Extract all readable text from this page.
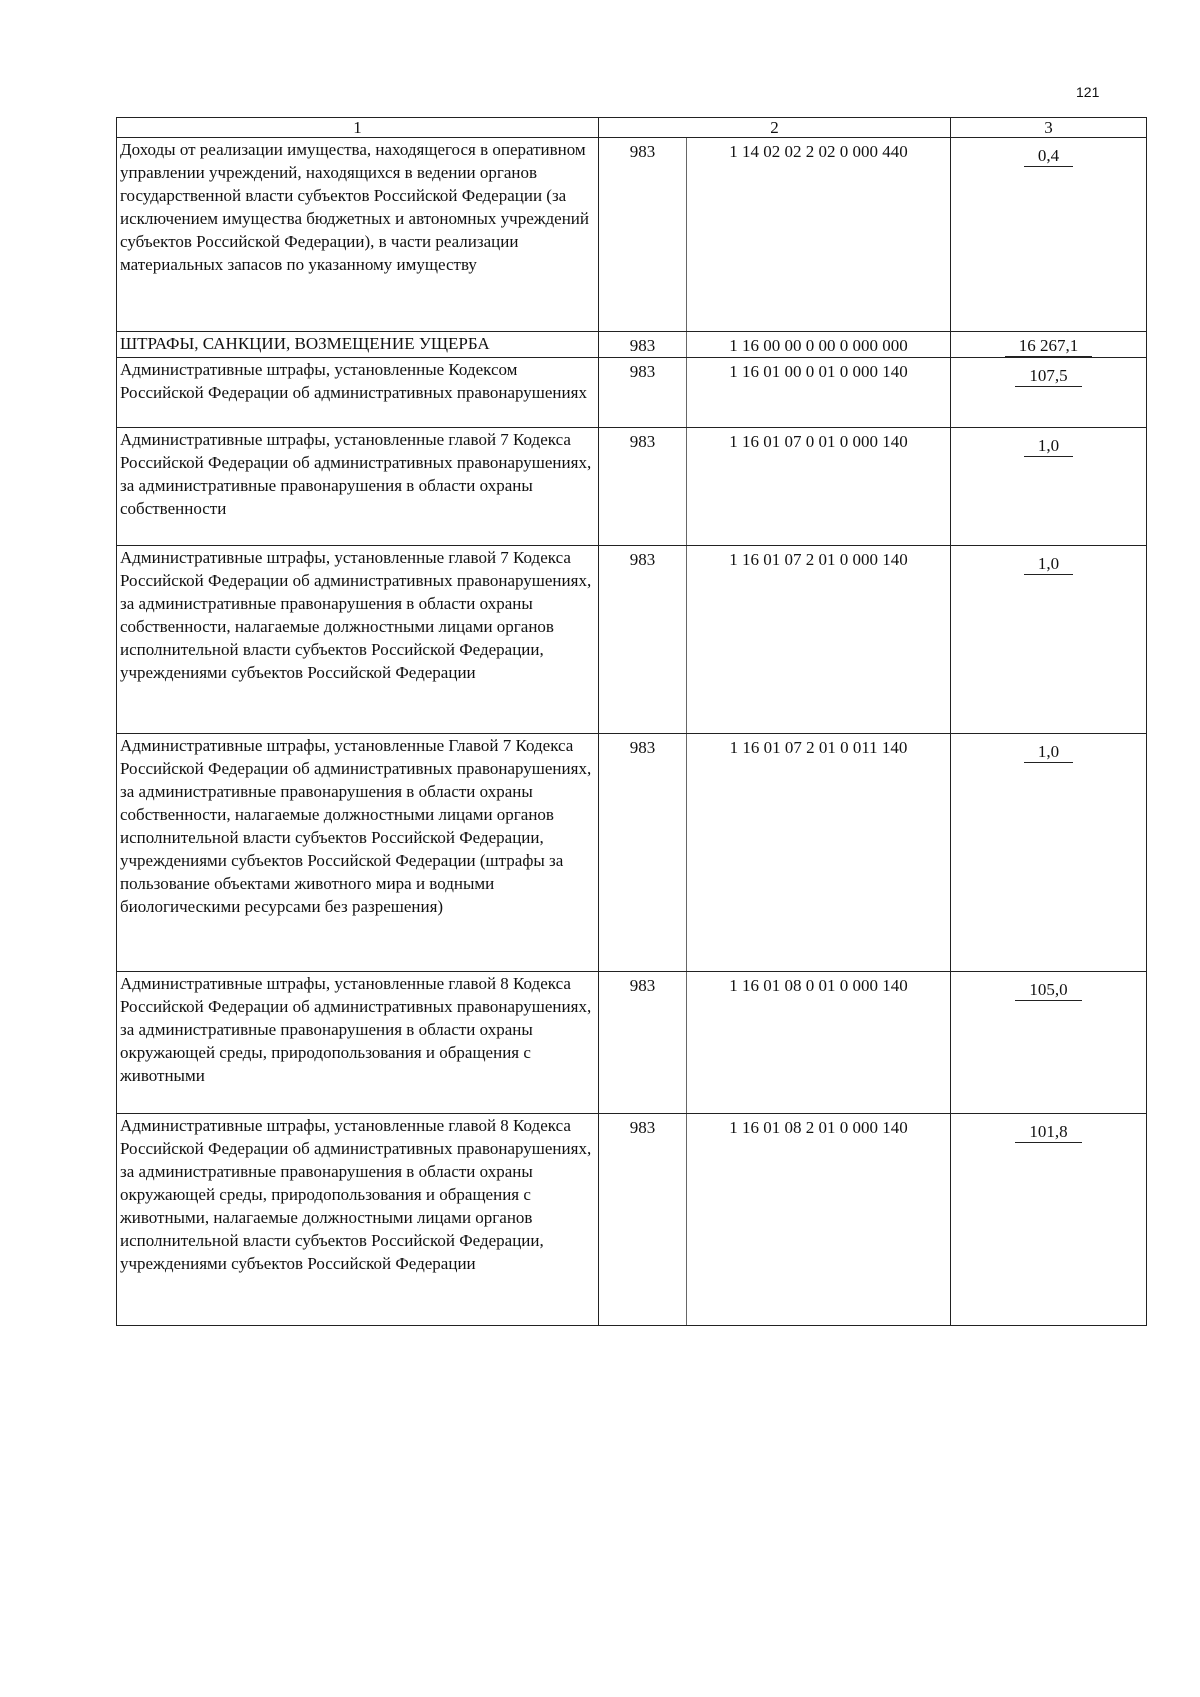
121
1	2		3
Доходы от реализации имущества, находящегося в оперативном управлении учреждений, находящихся в ведении органов государственной власти субъектов Российской Федерации (за исключением имущества бюджетных и автономных учреждений субъектов Российской Федерации), в части реализации материальных запасов по указанному имуществу	983	1 14 02 02 2 02 0 000 440	0,4
ШТРАФЫ, САНКЦИИ, ВОЗМЕЩЕНИЕ УЩЕРБА	983	1 16 00 00 0 00 0 000 000	16 267,1
Административные штрафы, установленные Кодексом Российской Федерации об административных правонарушениях	983	1 16 01 00 0 01 0 000 140	107,5
Административные штрафы, установленные главой 7 Кодекса Российской Федерации об административных правонарушениях, за административные правонарушения в области охраны собственности	983	1 16 01 07 0 01 0 000 140	1,0
Административные штрафы, установленные главой 7 Кодекса Российской Федерации об административных правонарушениях, за административные правонарушения в области охраны собственности, налагаемые должностными лицами органов исполнительной власти субъектов Российской Федерации, учреждениями субъектов Российской Федерации	983	1 16 01 07 2 01 0 000 140	1,0
Административные штрафы, установленные Главой 7 Кодекса Российской Федерации об административных правонарушениях, за административные правонарушения в области охраны собственности, налагаемые должностными лицами органов исполнительной власти субъектов Российской Федерации, учреждениями субъектов Российской Федерации (штрафы за пользование объектами животного мира и водными биологическими ресурсами без разрешения)	983	1 16 01 07 2 01 0 011 140	1,0
Административные штрафы, установленные главой 8 Кодекса Российской Федерации об административных правонарушениях, за административные правонарушения в области охраны окружающей среды, природопользования и обращения с животными	983	1 16 01 08 0 01 0 000 140	105,0
Административные штрафы, установленные главой 8 Кодекса Российской Федерации об административных правонарушениях, за административные правонарушения в области охраны окружающей среды, природопользования и обращения с животными, налагаемые должностными лицами органов исполнительной власти субъектов Российской Федерации, учреждениями субъектов Российской Федерации	983	1 16 01 08 2 01 0 000 140	101,8
